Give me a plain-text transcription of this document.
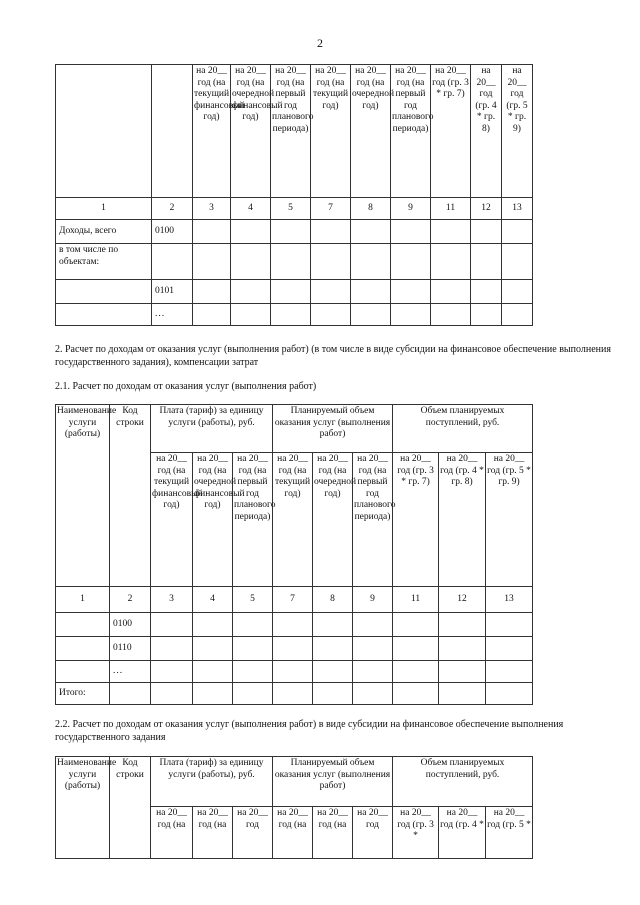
2
		на 20__ год (на текущий финансовый год)	на 20__ год (на очередной финансовый год)	на 20__ год (на первый год планового периода)	на 20__ год (на текущий год)	на 20__ год (на очередной год)	на 20__ год (на первый год планового периода)	на 20__ год (гр. 3 * гр. 7)	на 20__ год (гр. 4 * гр. 8)	на 20__ год (гр. 5 * гр. 9)
1	2	3	4	5	7	8	9	11	12	13
Доходы, всего	0100									
в том числе по объектам:										
	0101									
	...									
2. Расчет по доходам от оказания услуг (выполнения работ) (в том числе в виде субсидии на финансовое обеспечение выполнения государственного задания), компенсации затрат
2.1. Расчет по доходам от оказания услуг (выполнения работ)
Наименование услуги (работы)	Код строки	Плата (тариф) за единицу услуги (работы), руб.			Планируемый объем оказания услуг (выполнения работ)			Объем планируемых поступлений, руб.		
		на 20__ год (на текущий финансовый год)	на 20__ год (на очередной финансовый год)	на 20__ год (на первый год планового периода)	на 20__ год (на текущий год)	на 20__ год (на очередной год)	на 20__ год (на первый год планового периода)	на 20__ год (гр. 3 * гр. 7)	на 20__ год (гр. 4 * гр. 8)	на 20__ год (гр. 5 * гр. 9)
1	2	3	4	5	7	8	9	11	12	13
	0100									
	0110									
	...									
Итого:										
2.2. Расчет по доходам от оказания услуг (выполнения работ) в виде субсидии на финансовое обеспечение выполнения государственного задания
Наименование услуги (работы)	Код строки	Плата (тариф) за единицу услуги (работы), руб.			Планируемый объем оказания услуг (выполнения работ)			Объем планируемых поступлений, руб.		
		на 20__ год (на	на 20__ год (на	на 20__ год	на 20__ год (на	на 20__ год (на	на 20__ год	на 20__ год (гр. 3 *	на 20__ год (гр. 4 *	на 20__ год (гр. 5 *
